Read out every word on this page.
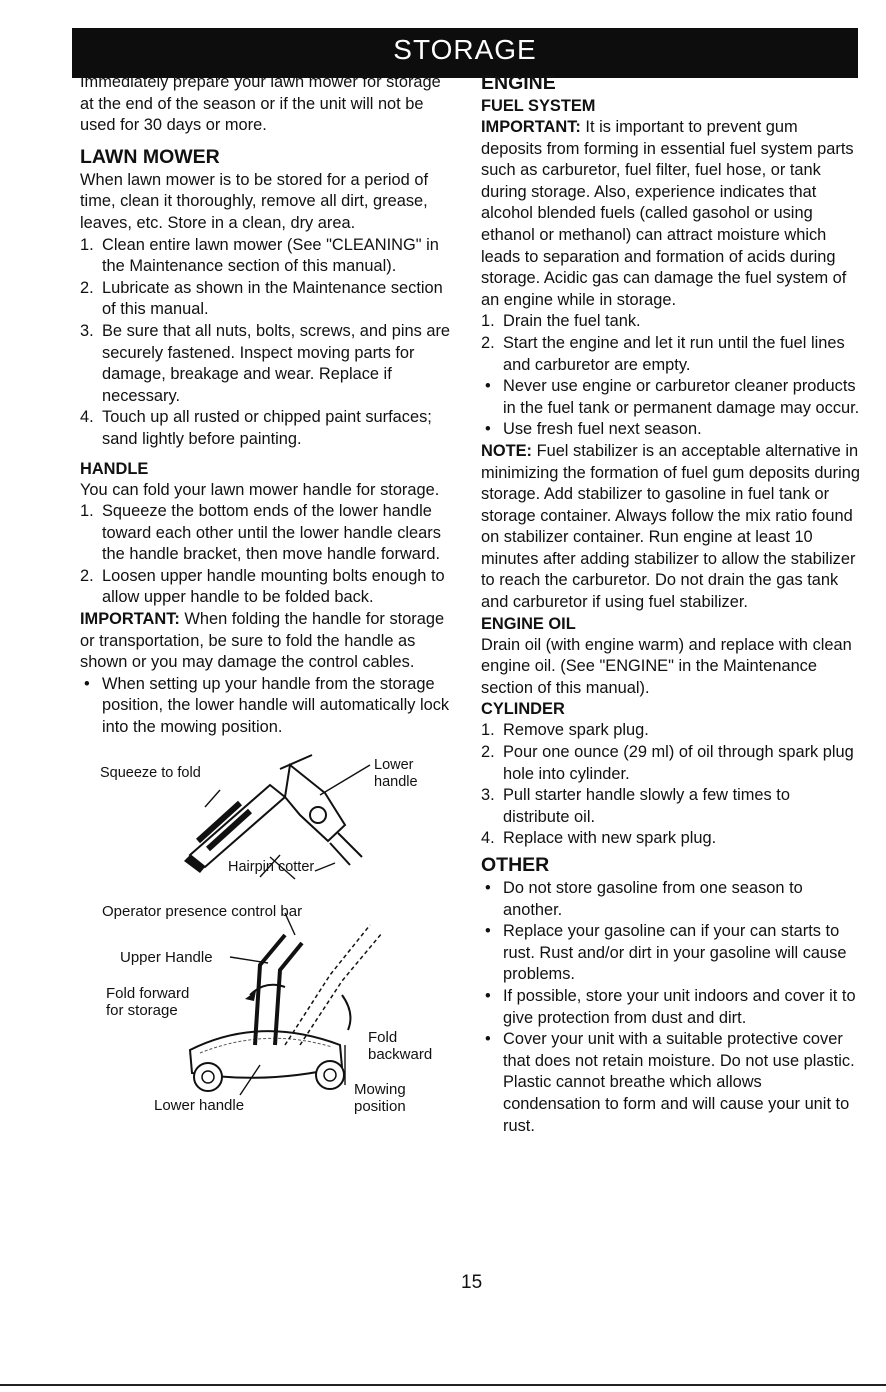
STORAGE

Immediately prepare your lawn mower for storage at the end of the season or if the unit will not be used for 30 days or more.

LAWN MOWER

When lawn mower is to be stored for a period of time, clean it thoroughly, remove all dirt, grease, leaves, etc. Store in a clean, dry area.

1. Clean entire lawn mower (See "CLEANING" in the Maintenance section of this manual).
2. Lubricate as shown in the Maintenance section of this manual.
3. Be sure that all nuts, bolts, screws, and pins are securely fastened. Inspect moving parts for damage, breakage and wear. Replace if necessary.
4. Touch up all rusted or chipped paint surfaces; sand lightly before painting.
HANDLE

You can fold your lawn mower handle for storage.

1. Squeeze the bottom ends of the lower handle toward each other until the lower handle clears the handle bracket, then move handle forward.
2. Loosen upper handle mounting bolts enough to allow upper handle to be folded back.

IMPORTANT: When folding the handle for storage or transportation, be sure to fold the handle as shown or you may damage the control cables.

• When setting up your handle from the storage position, the lower handle will automatically lock into the mowing position.
Squeeze to fold	Lower handle
Hairpin cotter
Operator presence control bar
Upper Handle
Fold forward for storage
Fold backward
Mowing position
Lower handle
ENGINE
FUEL SYSTEM

IMPORTANT: It is important to prevent gum deposits from forming in essential fuel system parts such as carburetor, fuel filter, fuel hose, or tank during storage. Also, experience indicates that alcohol blended fuels (called gasohol or using ethanol or methanol) can attract moisture which leads to separation and formation of acids during storage. Acidic gas can damage the fuel system of an engine while in storage.

1. Drain the fuel tank.
2. Start the engine and let it run until the fuel lines and carburetor are empty.
• Never use engine or carburetor cleaner products in the fuel tank or permanent damage may occur.
• Use fresh fuel next season.

NOTE: Fuel stabilizer is an acceptable alternative in minimizing the formation of fuel gum deposits during storage. Add stabilizer to gasoline in fuel tank or storage container. Always follow the mix ratio found on stabilizer container. Run engine at least 10 minutes after adding stabilizer to allow the stabilizer to reach the carburetor. Do not drain the gas tank and carburetor if using fuel stabilizer.

ENGINE OIL

Drain oil (with engine warm) and replace with clean engine oil. (See "ENGINE" in the Maintenance section of this manual).

CYLINDER
1. Remove spark plug.
2. Pour one ounce (29 ml) of oil through spark plug hole into cylinder.
3. Pull starter handle slowly a few times to distribute oil.
4. Replace with new spark plug.
OTHER
• Do not store gasoline from one season to another.
• Replace your gasoline can if your can starts to rust. Rust and/or dirt in your gasoline will cause problems.
• If possible, store your unit indoors and cover it to give protection from dust and dirt.
• Cover your unit with a suitable protective cover that does not retain moisture. Do not use plastic. Plastic cannot breathe which allows condensation to form and will cause your unit to rust.
15
